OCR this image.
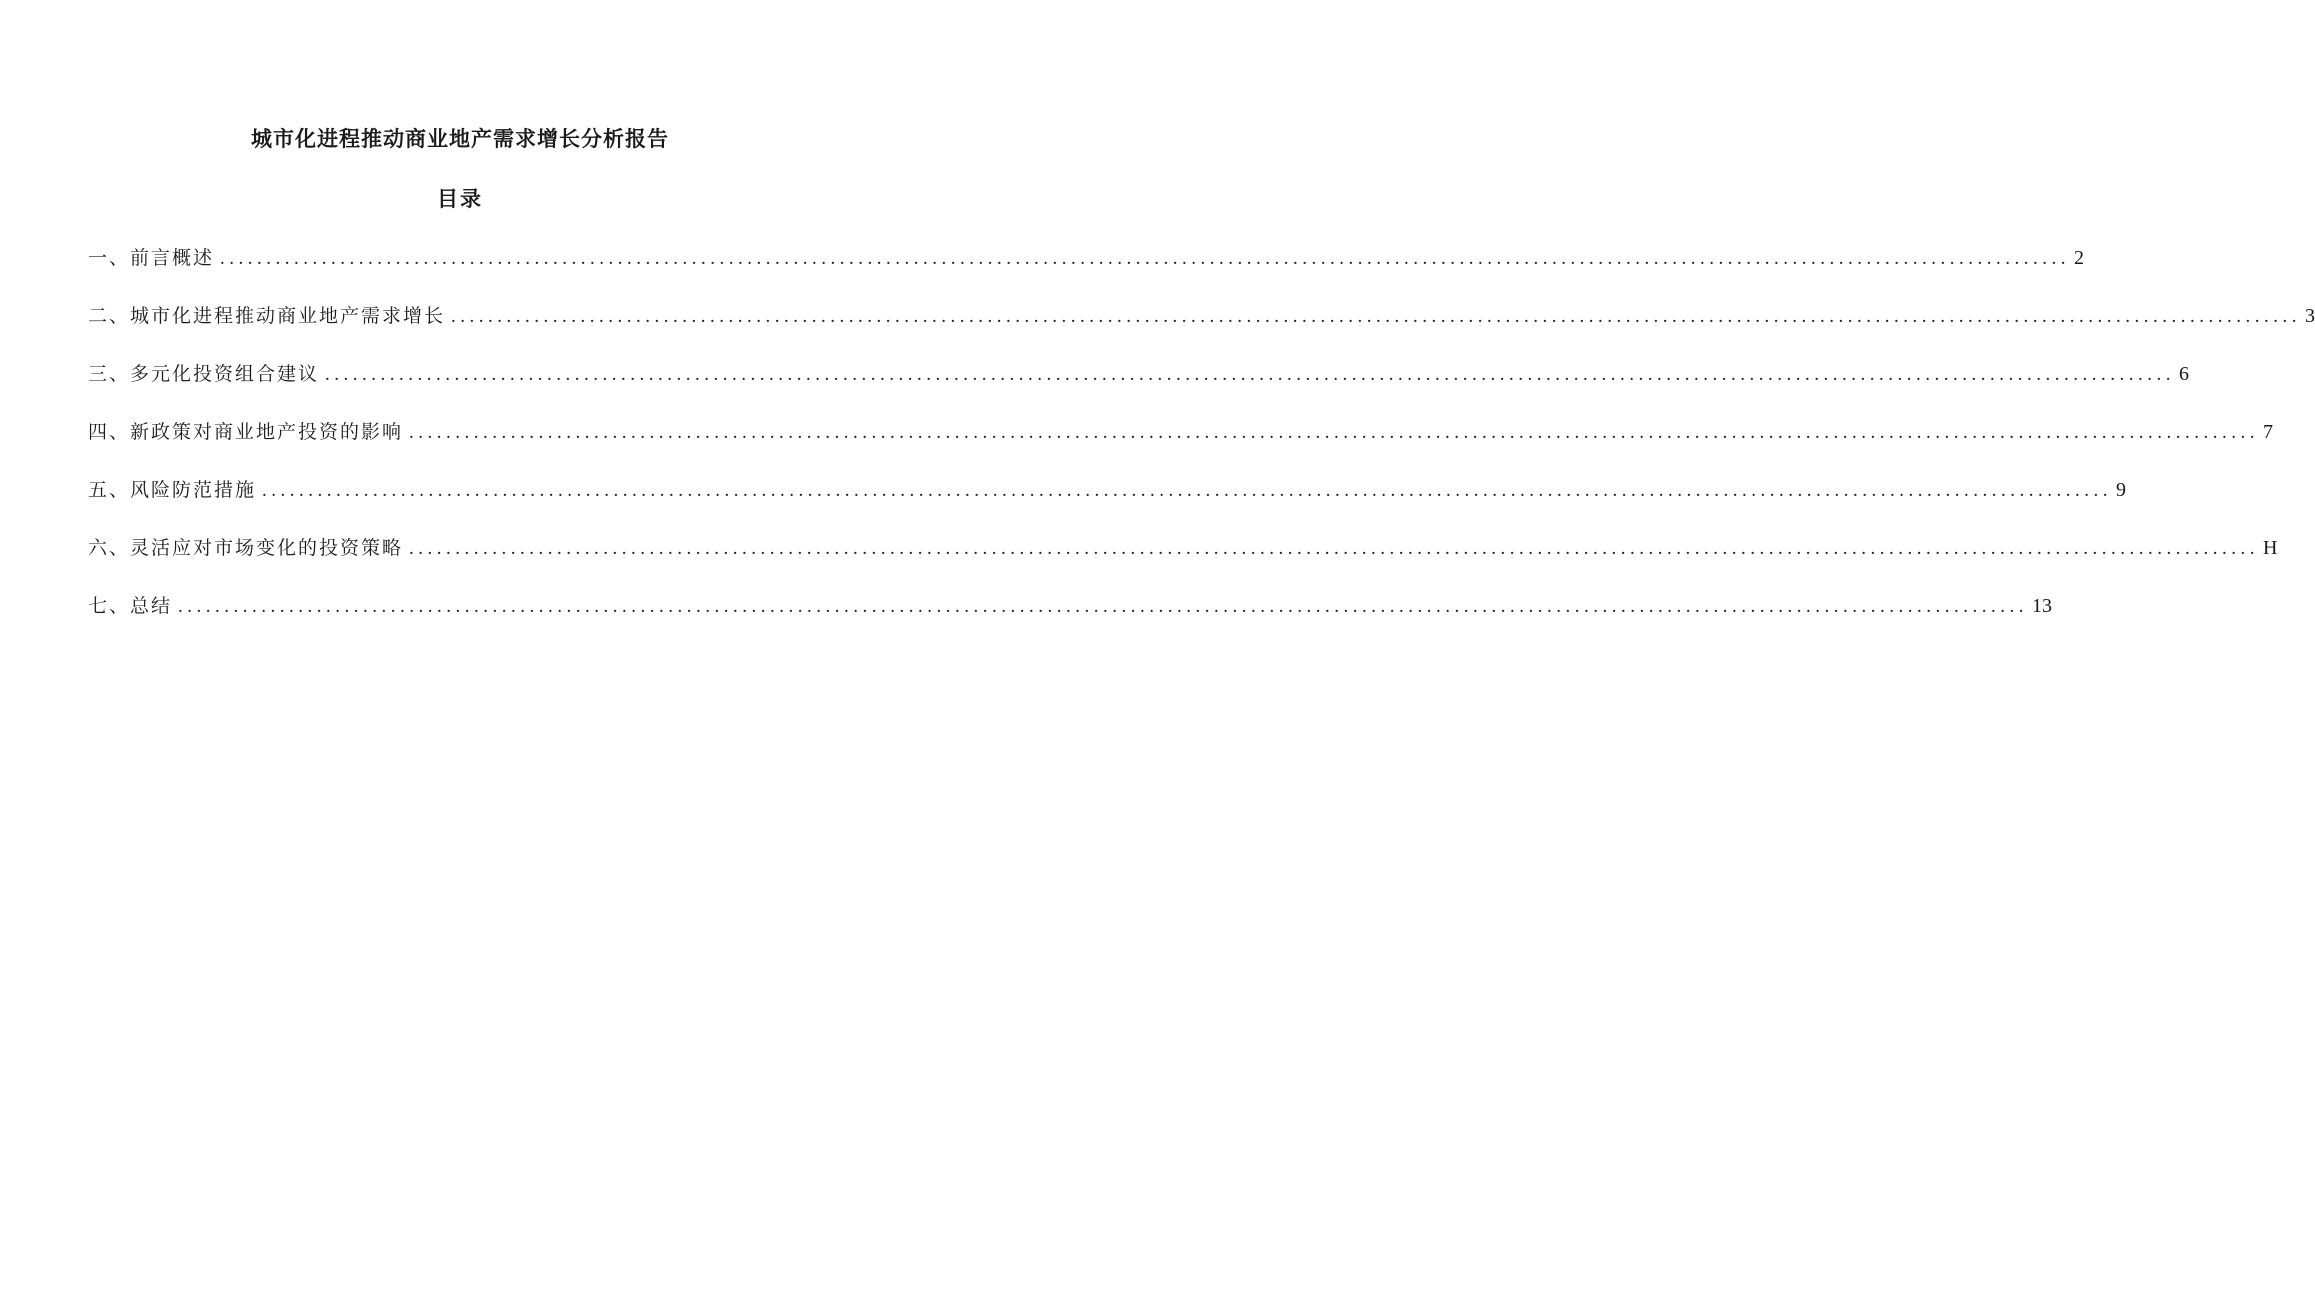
城市化进程推动商业地产需求增长分析报告
目录
一、前言概述 ........................................................................................................................................................................................................ 2
二、城市化进程推动商业地产需求增长 ........................................................................................................................................................................................................ 3
三、多元化投资组合建议 ........................................................................................................................................................................................................ 6
四、新政策对商业地产投资的影响 ........................................................................................................................................................................................................ 7
五、风险防范措施 ........................................................................................................................................................................................................ 9
六、灵活应对市场变化的投资策略 ........................................................................................................................................................................................................ H
七、总结 ........................................................................................................................................................................................................ 13
